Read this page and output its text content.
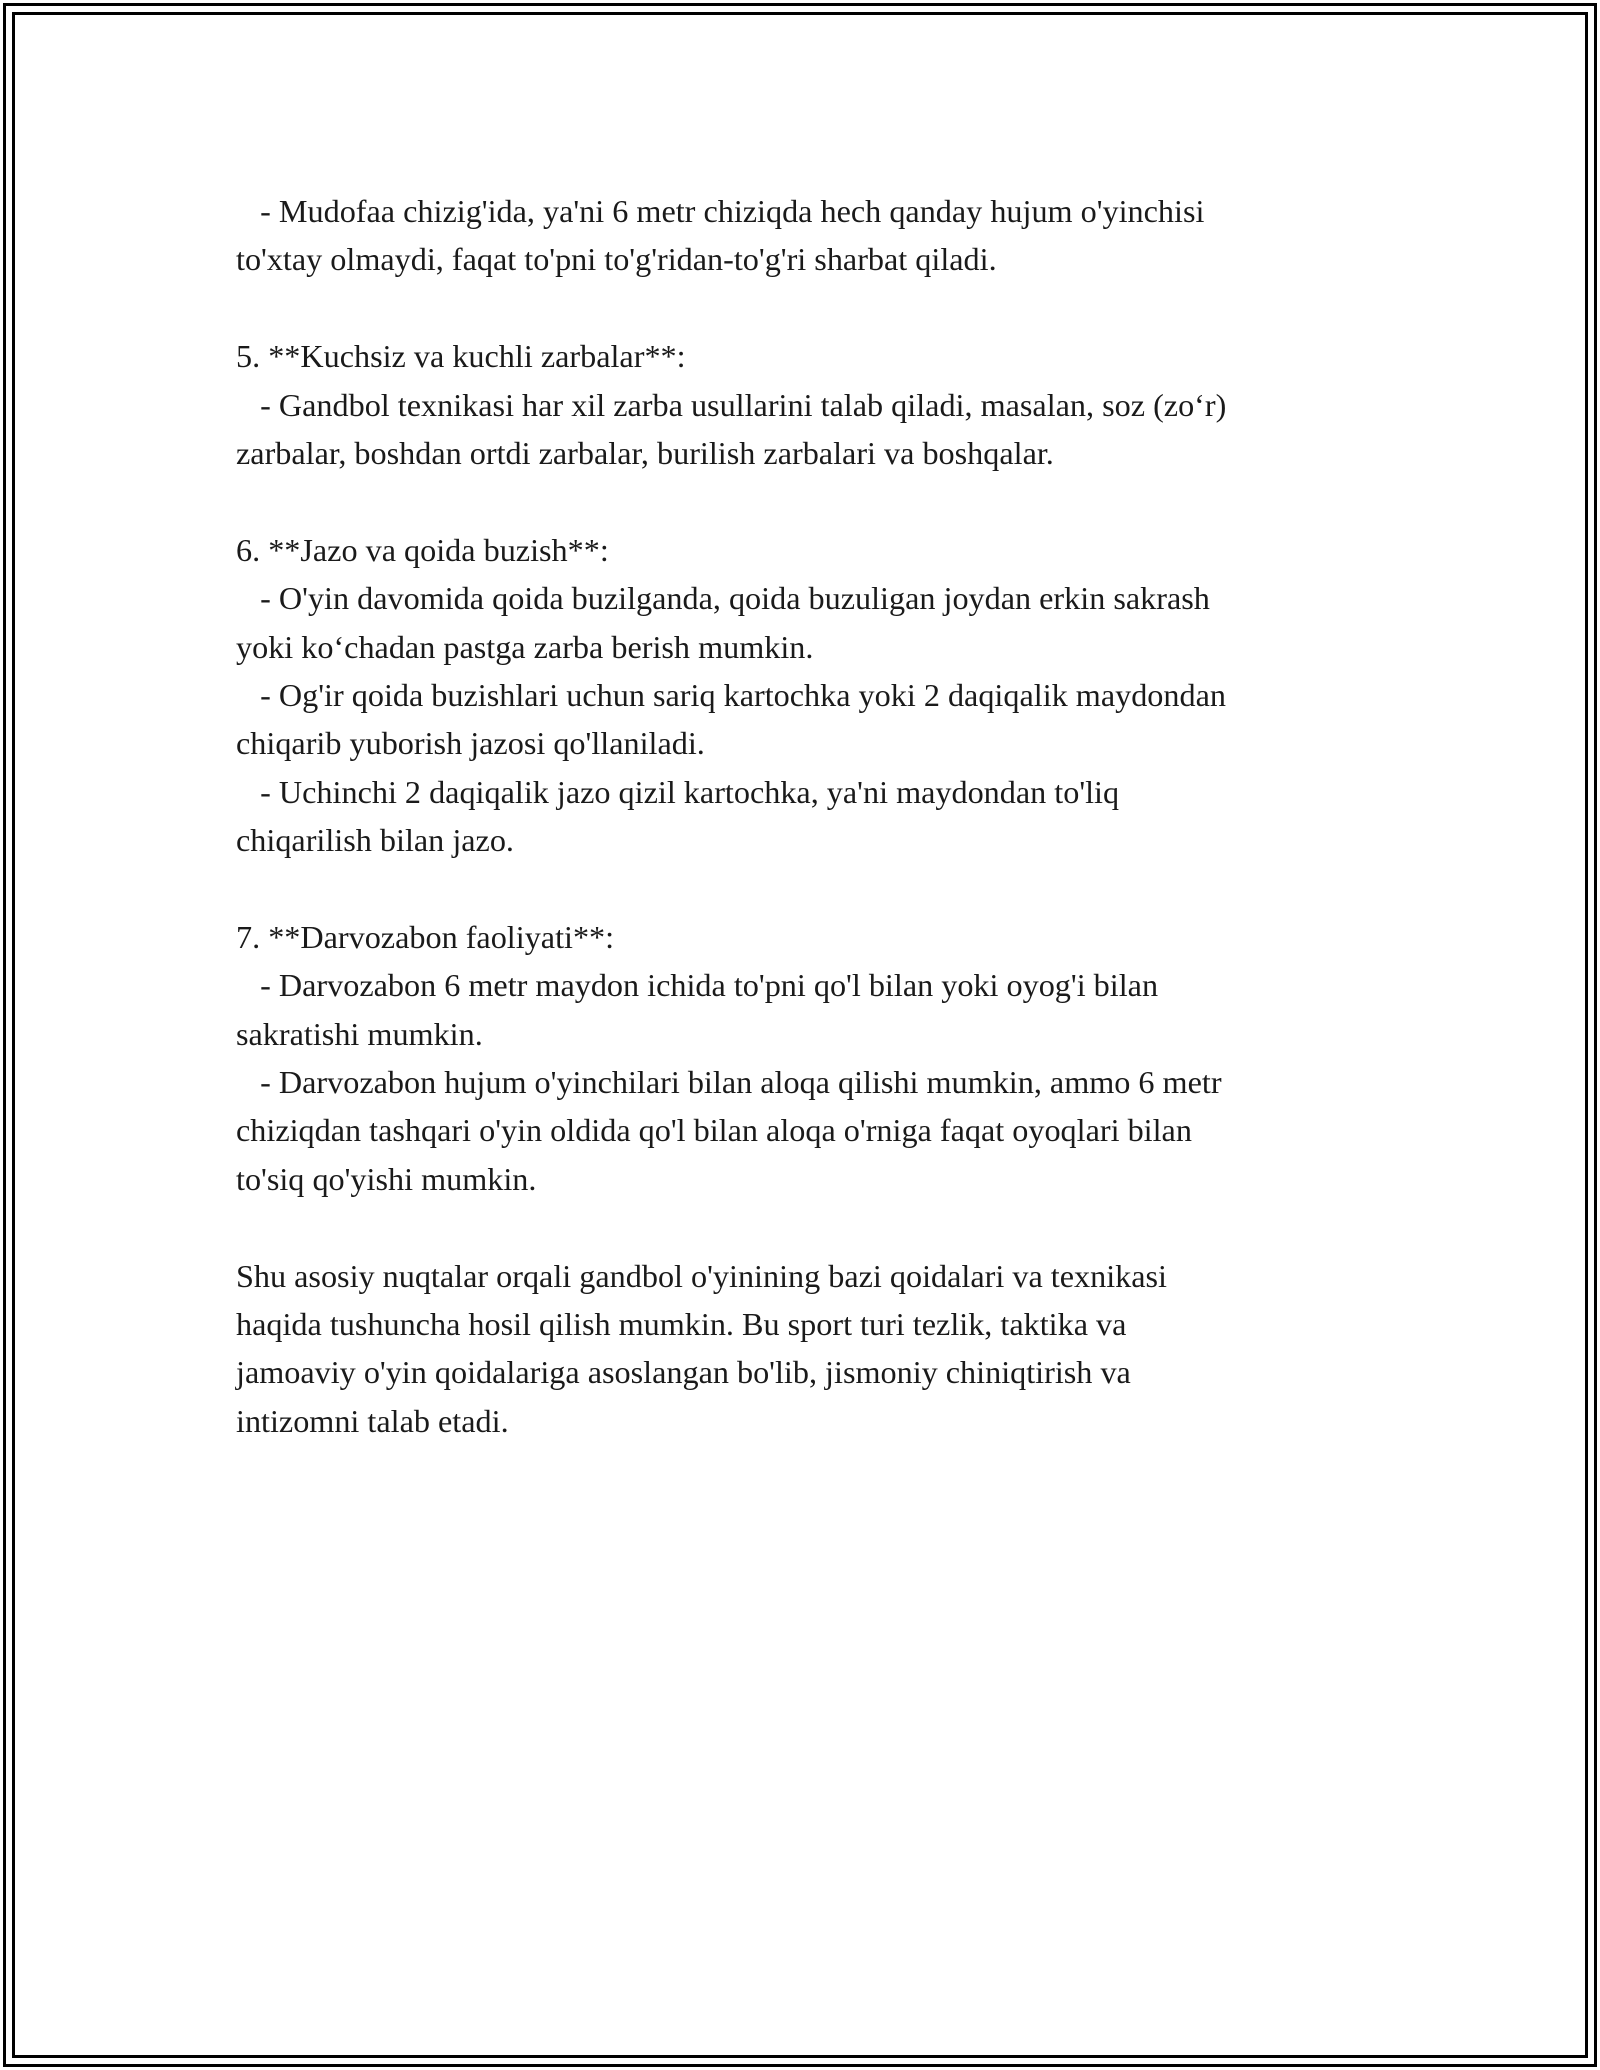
- Mudofaa chizig'ida, ya'ni 6 metr chiziqda hech qanday hujum o'yinchisi
to'xtay olmaydi, faqat to'pni to'g'ridan-to'g'ri sharbat qiladi.
5. **Kuchsiz va kuchli zarbalar**:
- Gandbol texnikasi har xil zarba usullarini talab qiladi, masalan, soz (zo‘r)
zarbalar, boshdan ortdi zarbalar, burilish zarbalari va boshqalar.
6. **Jazo va qoida buzish**:
- O'yin davomida qoida buzilganda, qoida buzuligan joydan erkin sakrash
yoki ko‘chadan pastga zarba berish mumkin.
- Og'ir qoida buzishlari uchun sariq kartochka yoki 2 daqiqalik maydondan
chiqarib yuborish jazosi qo'llaniladi.
- Uchinchi 2 daqiqalik jazo qizil kartochka, ya'ni maydondan to'liq
chiqarilish bilan jazo.
7. **Darvozabon faoliyati**:
- Darvozabon 6 metr maydon ichida to'pni qo'l bilan yoki oyog'i bilan
sakratishi mumkin.
- Darvozabon hujum o'yinchilari bilan aloqa qilishi mumkin, ammo 6 metr
chiziqdan tashqari o'yin oldida qo'l bilan aloqa o'rniga faqat oyoqlari bilan
to'siq qo'yishi mumkin.
Shu asosiy nuqtalar orqali gandbol o'yinining bazi qoidalari va texnikasi
haqida tushuncha hosil qilish mumkin. Bu sport turi tezlik, taktika va
jamoaviy o'yin qoidalariga asoslangan bo'lib, jismoniy chiniqtirish va
intizomni talab etadi.
